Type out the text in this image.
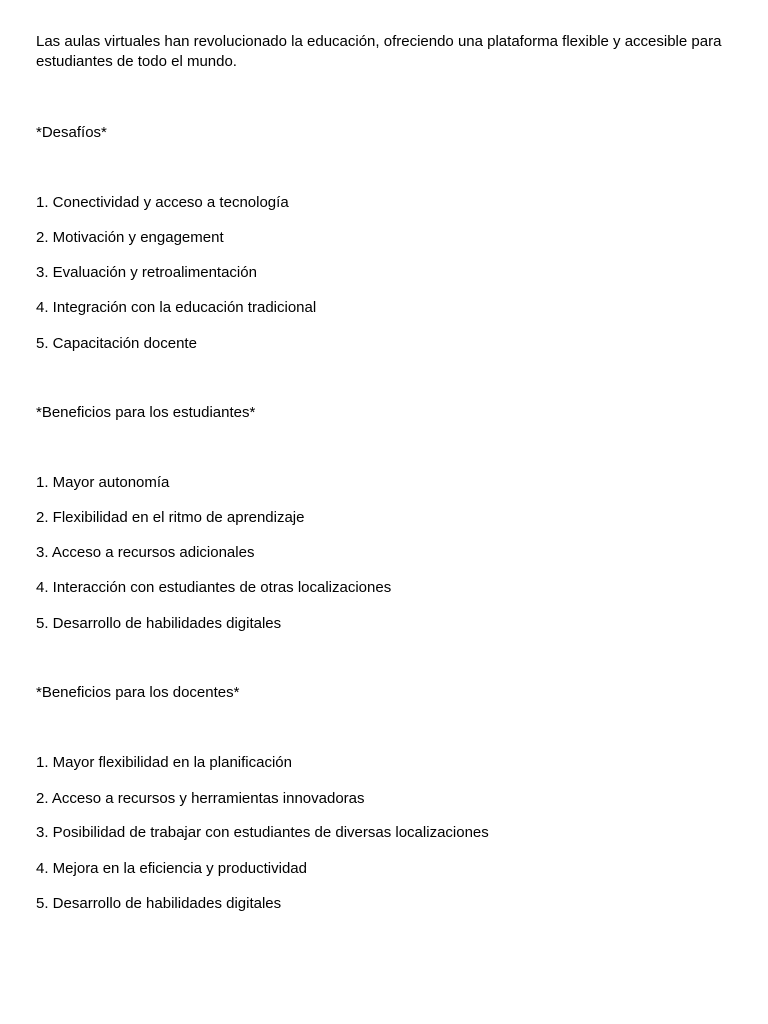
Las aulas virtuales han revolucionado la educación, ofreciendo una plataforma flexible y accesible para estudiantes de todo el mundo.

*Desafíos*

1. Conectividad y acceso a tecnología

2. Motivación y engagement

3. Evaluación y retroalimentación

4. Integración con la educación tradicional

5. Capacitación docente

*Beneficios para los estudiantes*

1. Mayor autonomía

2. Flexibilidad en el ritmo de aprendizaje

3. Acceso a recursos adicionales

4. Interacción con estudiantes de otras localizaciones

5. Desarrollo de habilidades digitales

*Beneficios para los docentes*

1. Mayor flexibilidad en la planificación

2. Acceso a recursos y herramientas innovadoras

3. Posibilidad de trabajar con estudiantes de diversas localizaciones

4. Mejora en la eficiencia y productividad

5. Desarrollo de habilidades digitales
